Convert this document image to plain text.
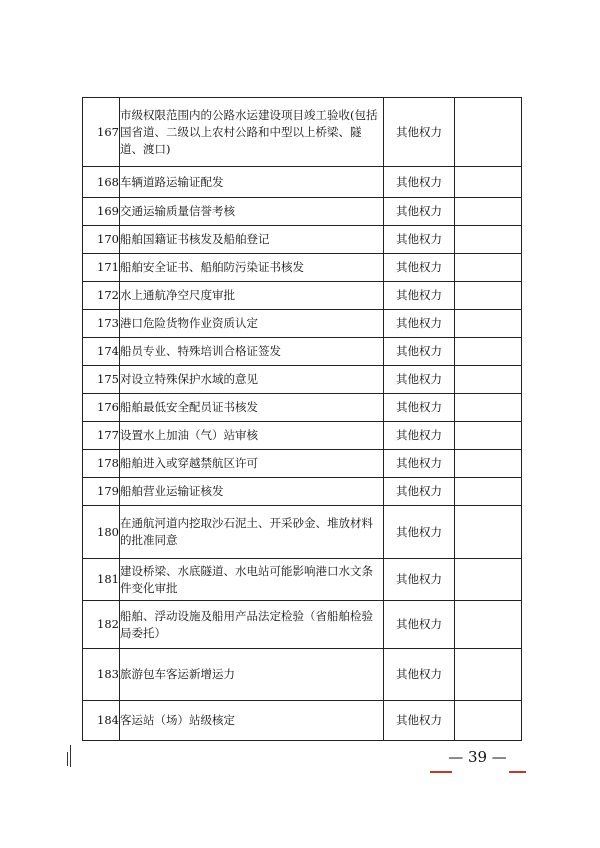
167	市级权限范围内的公路水运建设项目竣工验收(包括国省道、二级以上农村公路和中型以上桥梁、隧道、渡口)	其他权力	
168	车辆道路运输证配发	其他权力	
169	交通运输质量信誉考核	其他权力	
170	船舶国籍证书核发及船舶登记	其他权力	
171	船舶安全证书、船舶防污染证书核发	其他权力	
172	水上通航净空尺度审批	其他权力	
173	港口危险货物作业资质认定	其他权力	
174	船员专业、特殊培训合格证签发	其他权力	
175	对设立特殊保护水域的意见	其他权力	
176	船舶最低安全配员证书核发	其他权力	
177	设置水上加油（气）站审核	其他权力	
178	船舶进入或穿越禁航区许可	其他权力	
179	船舶营业运输证核发	其他权力	
180	在通航河道内挖取沙石泥土、开采砂金、堆放材料的批准同意	其他权力	
181	建设桥梁、水底隧道、水电站可能影响港口水文条件变化审批	其他权力	
182	船舶、浮动设施及船用产品法定检验（省船舶检验局委托）	其他权力	
183	旅游包车客运新增运力	其他权力	
184	客运站（场）站级核定	其他权力	
— 39 —
